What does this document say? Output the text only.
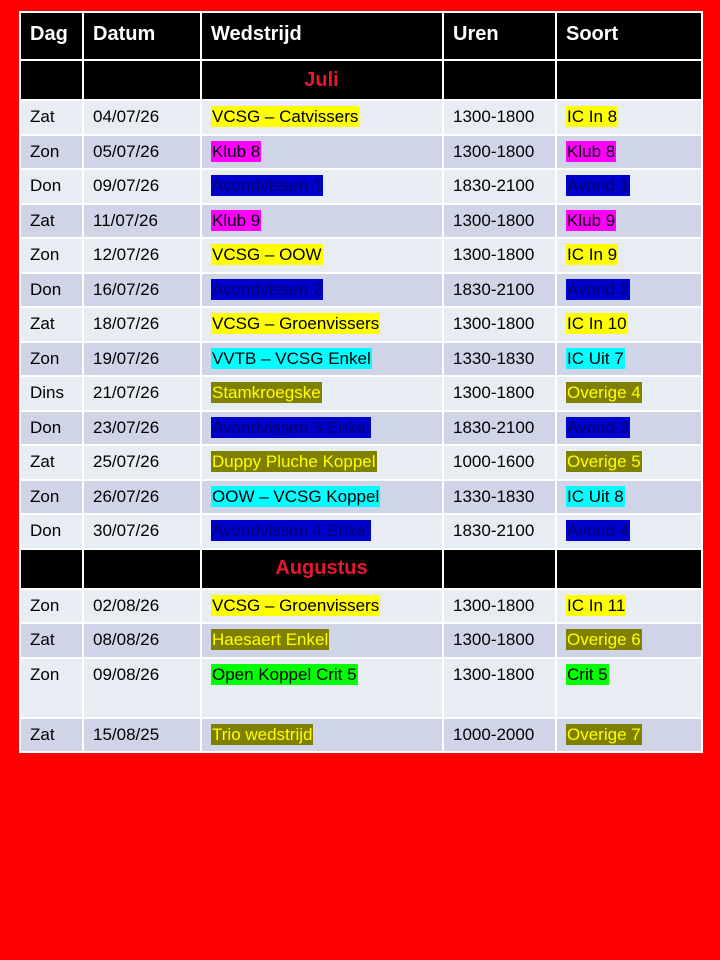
Dag	Datum	Wedstrijd	Uren	Soort
		Juli		
Zat	04/07/26	VCSG – Catvissers	1300-1800	IC In 8
Zon	05/07/26	Klub 8	1300-1800	Klub 8
Don	09/07/26	Avondvissen 1	1830-2100	Avond 1
Zat	11/07/26	Klub 9	1300-1800	Klub 9
Zon	12/07/26	VCSG – OOW	1300-1800	IC In 9
Don	16/07/26	Avondvissen 2	1830-2100	Avond 2
Zat	18/07/26	VCSG – Groenvissers	1300-1800	IC In 10
Zon	19/07/26	VVTB – VCSG Enkel	1330-1830	IC Uit 7
Dins	21/07/26	Stamkroegske	1300-1800	Overige 4
Don	23/07/26	Avondvissen 3 Enkel	1830-2100	Avond 3
Zat	25/07/26	Duppy Pluche Koppel	1000-1600	Overige 5
Zon	26/07/26	OOW – VCSG Koppel	1330-1830	IC Uit 8
Don	30/07/26	Avondvissen 4 Enkel	1830-2100	Avond 4
		Augustus		
Zon	02/08/26	VCSG – Groenvissers	1300-1800	IC In 11
Zat	08/08/26	Haesaert Enkel	1300-1800	Overige 6
Zon	09/08/26	Open Koppel Crit 5	1300-1800	Crit 5
Zat	15/08/25	Trio wedstrijd	1000-2000	Overige 7
